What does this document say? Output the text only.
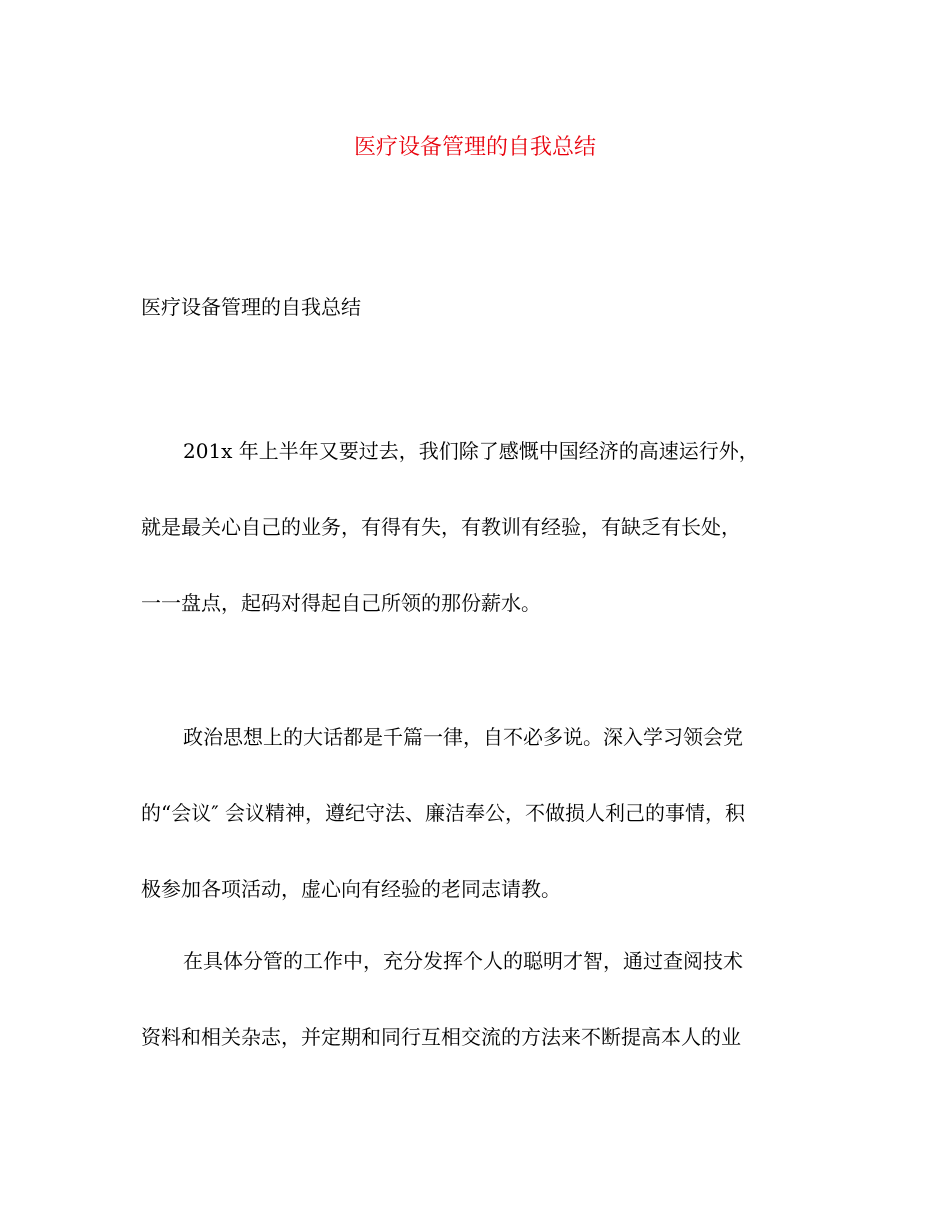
医疗设备管理的自我总结

医疗设备管理的自我总结

201x 年上半年又要过去，我们除了感慨中国经济的高速运行外，
就是最关心自己的业务，有得有失，有教训有经验，有缺乏有长处，
一一盘点，起码对得起自己所领的那份薪水。
政治思想上的大话都是千篇一律，自不必多说。深入学习领会党
的“会议″ 会议精神，遵纪守法、廉洁奉公，不做损人利己的事情，积
极参加各项活动，虚心向有经验的老同志请教。
在具体分管的工作中，充分发挥个人的聪明才智，通过查阅技术
资料和相关杂志，并定期和同行互相交流的方法来不断提高本人的业
